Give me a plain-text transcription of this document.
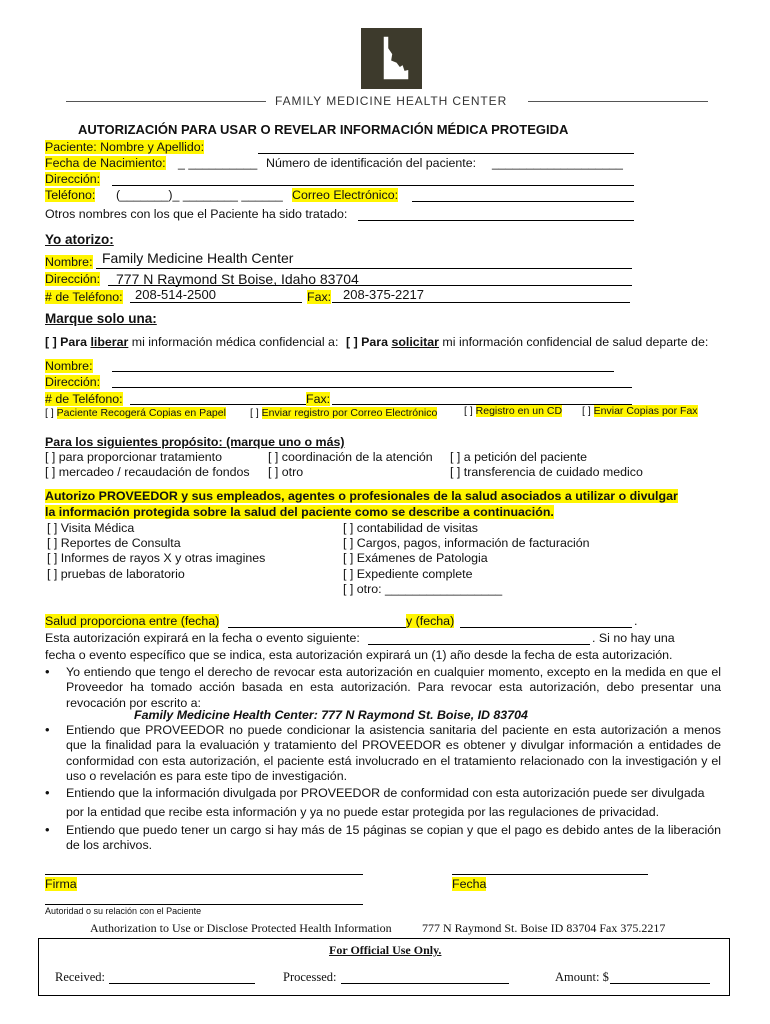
FAMILY MEDICINE HEALTH CENTER
AUTORIZACIÓN PARA USAR O REVELAR INFORMACIÓN MÉDICA PROTEGIDA
Paciente: Nombre y Apellido:
Fecha de Nacimiento: _ __________ Número de identificación del paciente: ___________________
Dirección:
Teléfono: (_______)_ ________ ______ Correo Electrónico:
Otros nombres con los que el Paciente ha sido tratado:
Yo atorizo:
Nombre: Family Medicine Health Center
Dirección: 777 N Raymond St Boise, Idaho 83704
# de Teléfono: 208-514-2500	Fax: 208-375-2217
Marque solo una:
[ ] Para liberar mi información médica confidencial a: [ ] Para solicitar mi información confidencial de salud departe de:
Nombre:
Dirección:
# de Teléfono:	Fax:
[ ] Paciente Recogerá Copias en Papel [ ] Enviar registro por Correo Electrónico	[ ] Registro en un CD [ ] Enviar Copias por Fax
Para los siguientes propósito: (marque uno o más)
[ ] para proporcionar tratamiento	[ ] coordinación de la atención [ ] a petición del paciente
[ ] mercadeo / recaudación de fondos [ ] otro	[ ] transferencia de cuidado medico
Autorizo PROVEEDOR y sus empleados, agentes o profesionales de la salud asociados a utilizar o divulgar
la información protegida sobre la salud del paciente como se describe a continuación.
[ ] Visita Médica
[ ] Reportes de Consulta
[ ] Informes de rayos X y otras imagines
[ ] pruebas de laboratorio
[ ] contabilidad de visitas
[ ] Cargos, pagos, información de facturación
[ ] Exámenes de Patologia
[ ] Expediente complete
[ ] otro: _________________
Salud proporciona entre (fecha)	y (fecha)	.
Esta autorización expirará en la fecha o evento siguiente:	. Si no hay una
fecha o evento específico que se indica, esta autorización expirará un (1) año desde la fecha de esta autorización.
• Yo entiendo que tengo el derecho de revocar esta autorización en cualquier momento, excepto en la medida en que el Proveedor ha tomado acción basada en esta autorización. Para revocar esta autorización, debo presentar una revocación por escrito a:
Family Medicine Health Center: 777 N Raymond St. Boise, ID 83704
• Entiendo que PROVEEDOR no puede condicionar la asistencia sanitaria del paciente en esta autorización a menos que la finalidad para la evaluación y tratamiento del PROVEEDOR es obtener y divulgar información a entidades de conformidad con esta autorización, el paciente está involucrado en el tratamiento relacionado con la investigación y el uso o revelación es para este tipo de investigación.
• Entiendo que la información divulgada por PROVEEDOR de conformidad con esta autorización puede ser divulgada
por la entidad que recibe esta información y ya no puede estar protegida por las regulaciones de privacidad.
• Entiendo que puedo tener un cargo si hay más de 15 páginas se copian y que el pago es debido antes de la liberación de los archivos.
Firma	Fecha
Autoridad o su relación con el Paciente
Authorization to Use or Disclose Protected Health Information	777 N Raymond St. Boise ID 83704 Fax 375.2217
For Official Use Only.
Received:	Processed:	Amount: $
